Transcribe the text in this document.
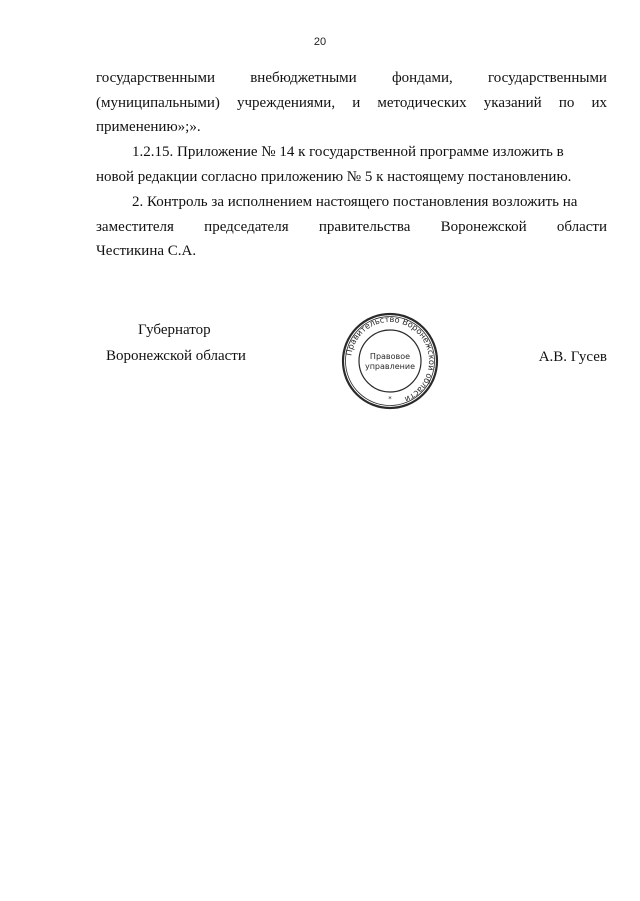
20
государственными внебюджетными фондами, государственными
(муниципальными) учреждениями, и методических указаний по их
применению»;».
1.2.15. Приложение № 14 к государственной программе изложить в
новой редакции согласно приложению № 5 к настоящему постановлению.
2. Контроль за исполнением настоящего постановления возложить на
заместителя председателя правительства Воронежской области
Честикина С.А.
Губернатор
Воронежской области	Правительство Воронежской области
Правовое
управление
*
А.В. Гусев
